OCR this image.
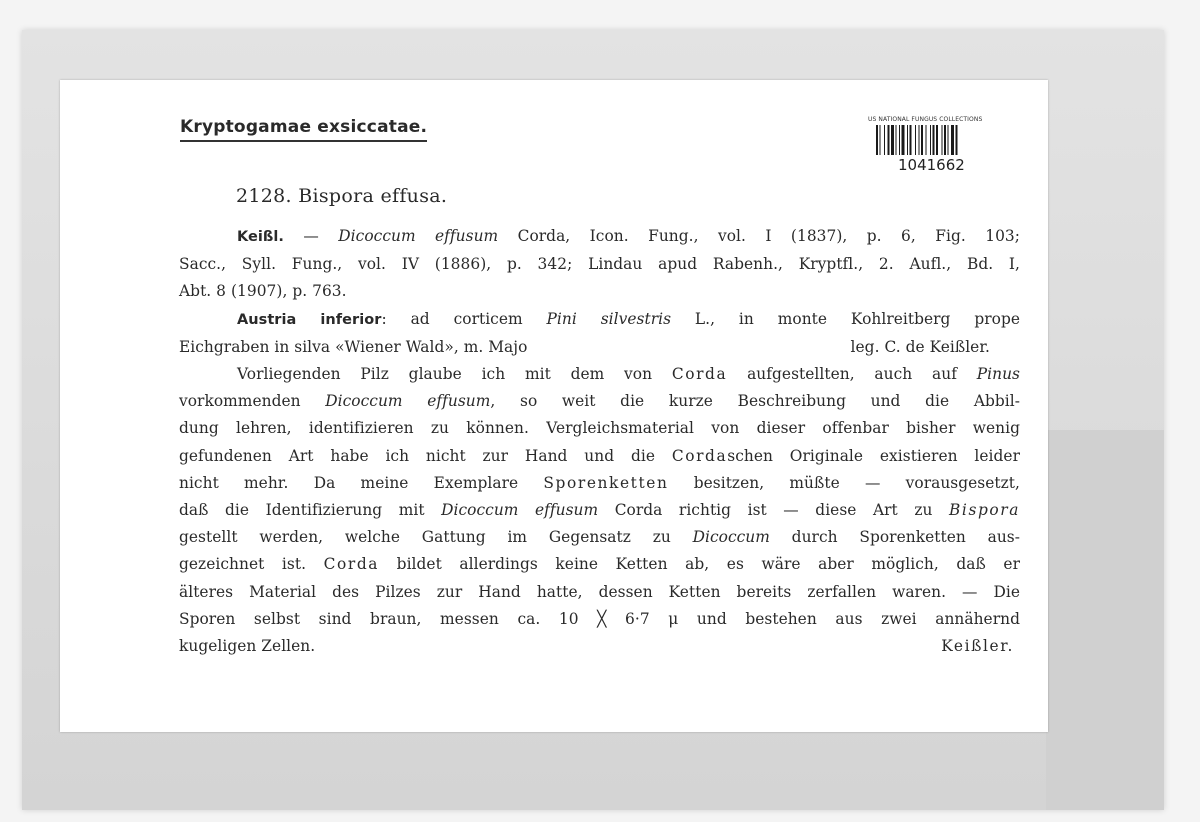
Kryptogamae exsiccatae.	US NATIONAL FUNGUS COLLECTIONS
1041662
2128. Bispora effusa.

Keißl. — Dicoccum effusum Corda, Icon. Fung., vol. I (1837), p. 6, Fig. 103;

Sacc., Syll. Fung., vol. IV (1886), p. 342; Lindau apud Rabenh., Kryptfl., 2. Aufl., Bd. I,

Abt. 8 (1907), p. 763.

Austria inferior: ad corticem Pini silvestris L., in monte Kohlreitberg prope

Eichgraben in silva «Wiener Wald», m. Majo	leg. C. de Keißler.

Vorliegenden Pilz glaube ich mit dem von Corda aufgestellten, auch auf Pinus

vorkommenden Dicoccum effusum, so weit die kurze Beschreibung und die Abbil-

dung lehren, identifizieren zu können. Vergleichsmaterial von dieser offenbar bisher wenig

gefundenen Art habe ich nicht zur Hand und die Cordaschen Originale existieren leider

nicht mehr. Da meine Exemplare Sporenketten besitzen, müßte — vorausgesetzt,

daß die Identifizierung mit Dicoccum effusum Corda richtig ist — diese Art zu Bispora

gestellt werden, welche Gattung im Gegensatz zu Dicoccum durch Sporenketten aus-

gezeichnet ist. Corda bildet allerdings keine Ketten ab, es wäre aber möglich, daß er

älteres Material des Pilzes zur Hand hatte, dessen Ketten bereits zerfallen waren. — Die

Sporen selbst sind braun, messen ca. 10 ╳ 6·7 μ und bestehen aus zwei annähernd

kugeligen Zellen.	Keißler.
